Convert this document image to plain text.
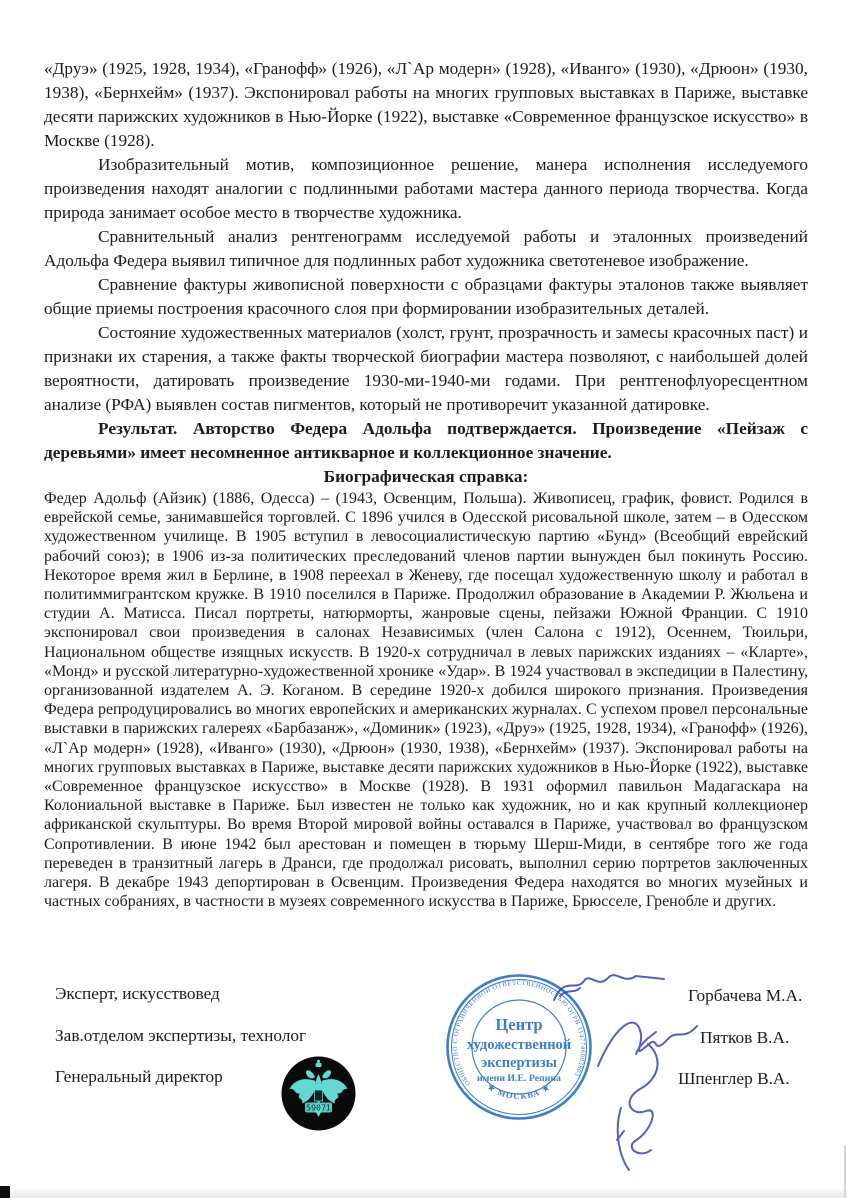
«Друэ» (1925, 1928, 1934), «Гранофф» (1926), «Л`Ар модерн» (1928), «Иванго» (1930), «Дрюон» (1930, 1938), «Бернхейм» (1937). Экспонировал работы на многих групповых выставках в Париже, выставке десяти парижских художников в Нью-Йорке (1922), выставке «Современное французское искусство» в Москве (1928).

Изобразительный мотив, композиционное решение, манера исполнения исследуемого произведения находят аналогии с подлинными работами мастера данного периода творчества. Когда природа занимает особое место в творчестве художника.

Сравнительный анализ рентгенограмм исследуемой работы и эталонных произведений Адольфа Федера выявил типичное для подлинных работ художника светотеневое изображение.

Сравнение фактуры живописной поверхности с образцами фактуры эталонов также выявляет общие приемы построения красочного слоя при формировании изобразительных деталей.

Состояние художественных материалов (холст, грунт, прозрачность и замесы красочных паст) и признаки их старения, а также факты творческой биографии мастера позволяют, с наибольшей долей вероятности, датировать произведение 1930-ми-1940-ми годами. При рентгенофлуоресцентном анализе (РФА) выявлен состав пигментов, который не противоречит указанной датировке.

Результат. Авторство Федера Адольфа подтверждается. Произведение «Пейзаж с деревьями» имеет несомненное антикварное и коллекционное значение.

Биографическая справка:

Федер Адольф (Айзик) (1886, Одесса) – (1943, Освенцим, Польша). Живописец, график, фовист. Родился в еврейской семье, занимавшейся торговлей. С 1896 учился в Одесской рисовальной школе, затем – в Одесском художественном училище. В 1905 вступил в левосоциалистическую партию «Бунд» (Всеобщий еврейский рабочий союз); в 1906 из-за политических преследований членов партии вынужден был покинуть Россию. Некоторое время жил в Берлине, в 1908 переехал в Женеву, где посещал художественную школу и работал в политиммигрантском кружке. В 1910 поселился в Париже. Продолжил образование в Академии Р. Жюльена и студии А. Матисса. Писал портреты, натюрморты, жанровые сцены, пейзажи Южной Франции. С 1910 экспонировал свои произведения в салонах Независимых (член Салона с 1912), Осеннем, Тюильри, Национальном обществе изящных искусств. В 1920-х сотрудничал в левых парижских изданиях – «Кларте», «Монд» и русской литературно-художественной хронике «Удар». В 1924 участвовал в экспедиции в Палестину, организованной издателем А. Э. Коганом. В середине 1920-х добился широкого признания. Произведения Федера репродуцировались во многих европейских и американских журналах. С успехом провел персональные выставки в парижских галереях «Барбазанж», «Доминик» (1923), «Друэ» (1925, 1928, 1934), «Гранофф» (1926), «Л`Ар модерн» (1928), «Иванго» (1930), «Дрюон» (1930, 1938), «Бернхейм» (1937). Экспонировал работы на многих групповых выставках в Париже, выставке десяти парижских художников в Нью-Йорке (1922), выставке «Современное французское искусство» в Москве (1928). В 1931 оформил павильон Мадагаскара на Колониальной выставке в Париже. Был известен не только как художник, но и как крупный коллекционер африканской скульптуры. Во время Второй мировой войны оставался в Париже, участвовал во французском Сопротивлении. В июне 1942 был арестован и помещен в тюрьму Шерш-Миди, в сентябре того же года переведен в транзитный лагерь в Дранси, где продолжал рисовать, выполнил серию портретов заключенных лагеря. В декабре 1943 депортирован в Освенцим. Произведения Федера находятся во многих музейных и частных собраниях, в частности в музеях современного искусства в Париже, Брюсселе, Гренобле и других.

Эксперт, искусствовед
Зав.отделом экспертизы, технолог
Генеральный директор
Горбачева М.А.
Пятков В.А.
Шпенглер В.А.
59071
ОБЩЕСТВО С ОГРАНИЧЕННОЙ ОТВЕТСТВЕННОСТЬЮ ОГРН 1147746803803
★ МОСКВА ★
Центр
художественной
экспертизы
имени И.Е. Репина
